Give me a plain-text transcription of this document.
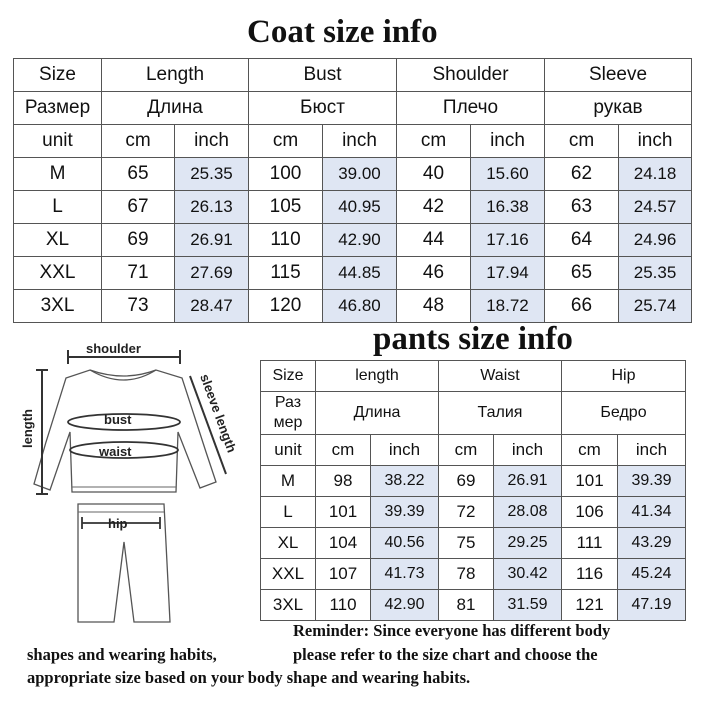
Coat size info
Size	Length		Bust		Shoulder		Sleeve	
Размер	Длина		Бюст		Плечо		рукав	
unit	cm	inch	cm	inch	cm	inch	cm	inch
M	65	25.35	100	39.00	40	15.60	62	24.18
L	67	26.13	105	40.95	42	16.38	63	24.57
XL	69	26.91	110	42.90	44	17.16	64	24.96
XXL	71	27.69	115	44.85	46	17.94	65	25.35
3XL	73	28.47	120	46.80	48	18.72	66	25.74
shoulder
length	sleeve length
bust
waist
hip
pants size info
Size	length		Waist		Hip	
Раз
мер	Длина		Талия		Бедро	
unit	cm	inch	cm	inch	cm	inch
M	98	38.22	69	26.91	101	39.39
L	101	39.39	72	28.08	106	41.34
XL	104	40.56	75	29.25	111	43.29
XXL	107	41.73	78	30.42	116	45.24
3XL	110	42.90	81	31.59	121	47.19
Reminder: Since everyone has different body
shapes and wearing habits,	please refer to the size chart and choose the
appropriate size based on your body shape and wearing habits.
